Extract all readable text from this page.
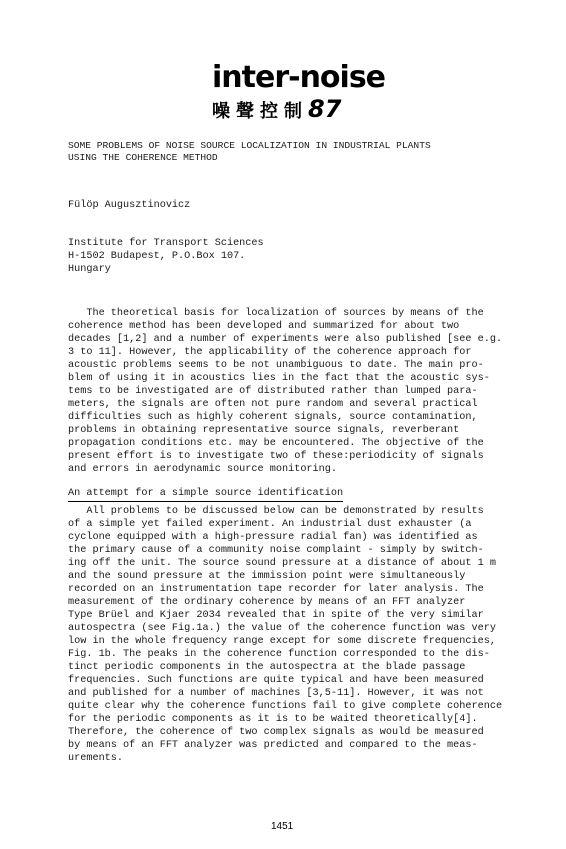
inter-noise
噪聲控制87
SOME PROBLEMS OF NOISE SOURCE LOCALIZATION IN INDUSTRIAL PLANTS
USING THE COHERENCE METHOD
Fülöp Augusztinovicz
Institute for Transport Sciences
H-1502 Budapest, P.O.Box 107.
Hungary
The theoretical basis for localization of sources by means of the
coherence method has been developed and summarized for about two
decades [1,2] and a number of experiments were also published [see e.g.
3 to 11]. However, the applicability of the coherence approach for
acoustic problems seems to be not unambiguous to date. The main pro-
blem of using it in acoustics lies in the fact that the acoustic sys-
tems to be investigated are of distributed rather than lumped para-
meters, the signals are often not pure random and several practical
difficulties such as highly coherent signals, source contamination,
problems in obtaining representative source signals, reverberant
propagation conditions etc. may be encountered. The objective of the
present effort is to investigate two of these:periodicity of signals
and errors in aerodynamic source monitoring.
An attempt for a simple source identification
All problems to be discussed below can be demonstrated by results
of a simple yet failed experiment. An industrial dust exhauster (a
cyclone equipped with a high-pressure radial fan) was identified as
the primary cause of a community noise complaint - simply by switch-
ing off the unit. The source sound pressure at a distance of about 1 m
and the sound pressure at the immission point were simultaneously
recorded on an instrumentation tape recorder for later analysis. The
measurement of the ordinary coherence by means of an FFT analyzer
Type Brüel and Kjaer 2034 revealed that in spite of the very similar
autospectra (see Fig.1a.) the value of the coherence function was very
low in the whole frequency range except for some discrete frequencies,
Fig. 1b. The peaks in the coherence function corresponded to the dis-
tinct periodic components in the autospectra at the blade passage
frequencies. Such functions are quite typical and have been measured
and published for a number of machines [3,5-11]. However, it was not
quite clear why the coherence functions fail to give complete coherence
for the periodic components as it is to be waited theoretically[4].
Therefore, the coherence of two complex signals as would be measured
by means of an FFT analyzer was predicted and compared to the meas-
urements.
1451
